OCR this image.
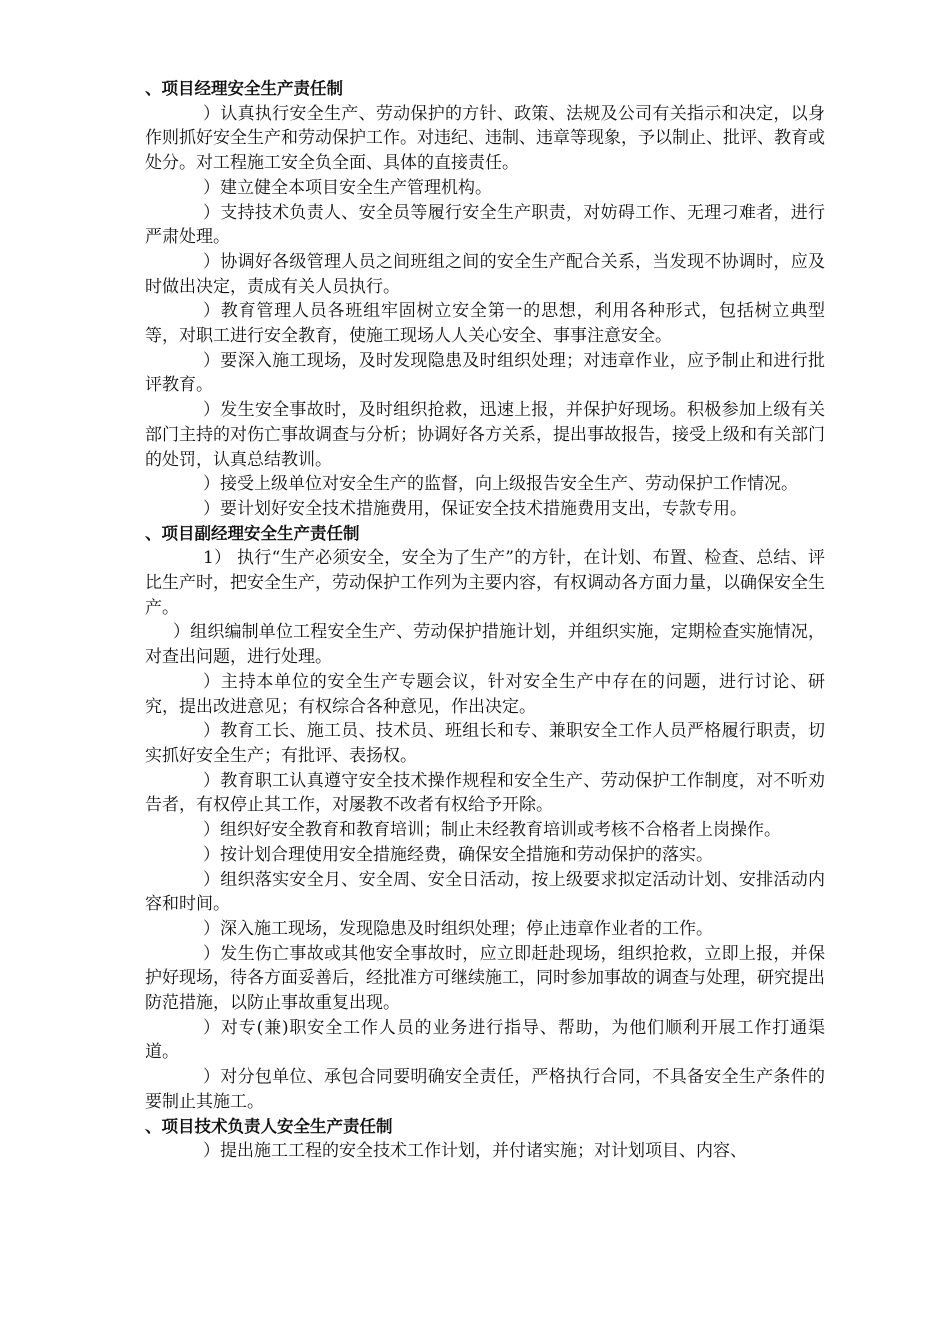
、项目经理安全生产责任制

）认真执行安全生产、劳动保护的方针、政策、法规及公司有关指示和决定，以身作则抓好安全生产和劳动保护工作。对违纪、违制、违章等现象，予以制止、批评、教育或处分。对工程施工安全负全面、具体的直接责任。

）建立健全本项目安全生产管理机构。

）支持技术负责人、安全员等履行安全生产职责，对妨碍工作、无理刁难者，进行严肃处理。

）协调好各级管理人员之间班组之间的安全生产配合关系，当发现不协调时，应及时做出决定，责成有关人员执行。

）教育管理人员各班组牢固树立安全第一的思想，利用各种形式，包括树立典型等，对职工进行安全教育，使施工现场人人关心安全、事事注意安全。

）要深入施工现场，及时发现隐患及时组织处理；对违章作业，应予制止和进行批评教育。

）发生安全事故时，及时组织抢救，迅速上报，并保护好现场。积极参加上级有关部门主持的对伤亡事故调查与分析；协调好各方关系，提出事故报告，接受上级和有关部门的处罚，认真总结教训。

）接受上级单位对安全生产的监督，向上级报告安全生产、劳动保护工作情况。

）要计划好安全技术措施费用，保证安全技术措施费用支出，专款专用。

、项目副经理安全生产责任制

1） 执行“生产必须安全，安全为了生产”的方针，在计划、布置、检查、总结、评比生产时，把安全生产，劳动保护工作列为主要内容，有权调动各方面力量，以确保安全生产。

）组织编制单位工程安全生产、劳动保护措施计划，并组织实施，定期检查实施情况，对查出问题，进行处理。

）主持本单位的安全生产专题会议，针对安全生产中存在的问题，进行讨论、研究，提出改进意见；有权综合各种意见，作出决定。

）教育工长、施工员、技术员、班组长和专、兼职安全工作人员严格履行职责，切实抓好安全生产；有批评、表扬权。

）教育职工认真遵守安全技术操作规程和安全生产、劳动保护工作制度，对不听劝告者，有权停止其工作，对屡教不改者有权给予开除。

）组织好安全教育和教育培训；制止未经教育培训或考核不合格者上岗操作。

）按计划合理使用安全措施经费，确保安全措施和劳动保护的落实。

）组织落实安全月、安全周、安全日活动，按上级要求拟定活动计划、安排活动内容和时间。

）深入施工现场，发现隐患及时组织处理；停止违章作业者的工作。

）发生伤亡事故或其他安全事故时，应立即赶赴现场，组织抢救，立即上报，并保护好现场，待各方面妥善后，经批准方可继续施工，同时参加事故的调查与处理，研究提出防范措施，以防止事故重复出现。

）对专(兼)职安全工作人员的业务进行指导、帮助，为他们顺利开展工作打通渠道。

）对分包单位、承包合同要明确安全责任，严格执行合同，不具备安全生产条件的要制止其施工。

、项目技术负责人安全生产责任制

）提出施工工程的安全技术工作计划，并付诸实施；对计划项目、内容、
